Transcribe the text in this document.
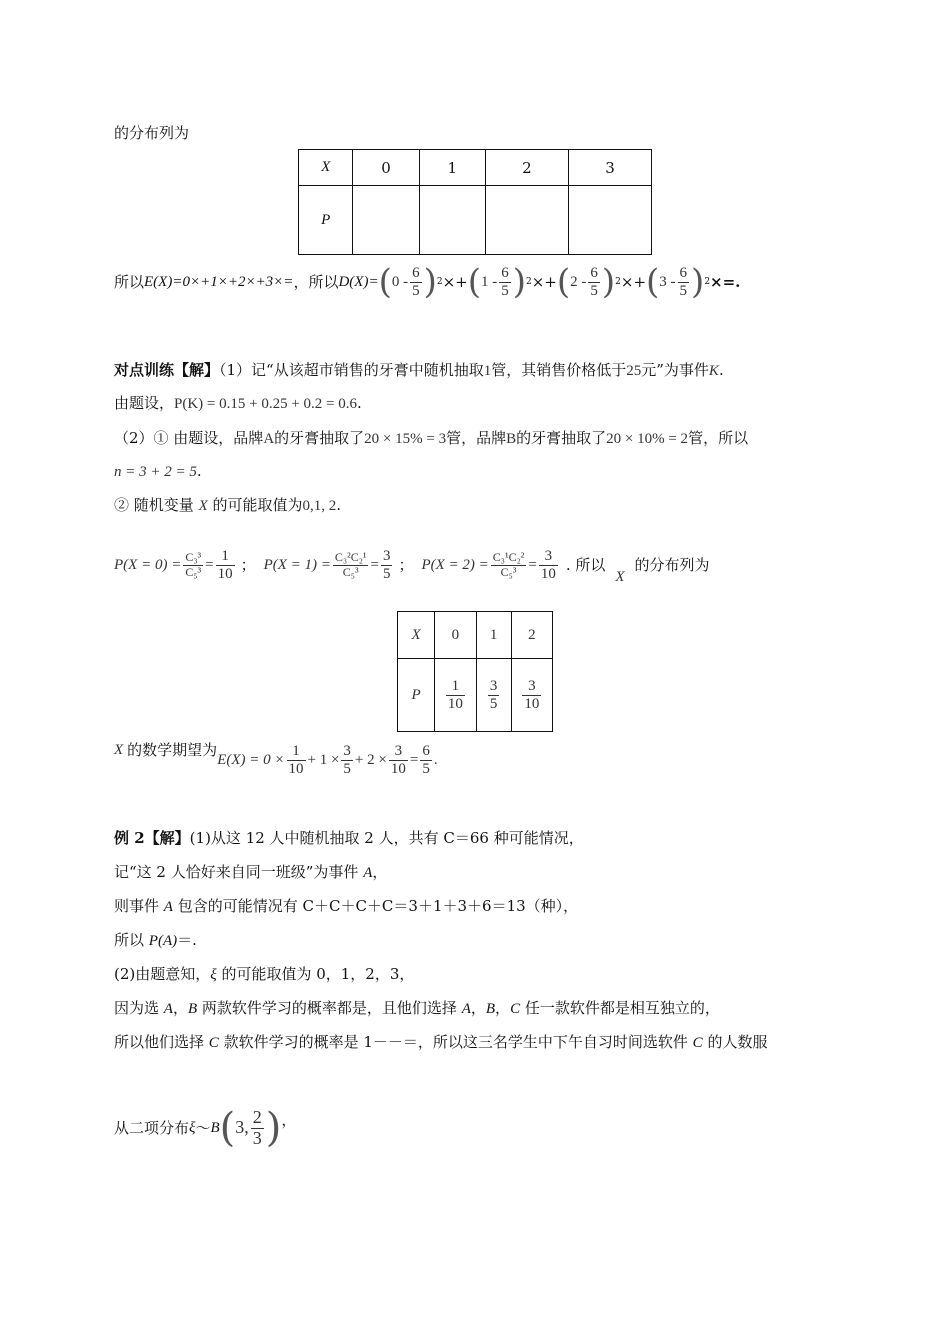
的分布列为
X	0	1	2	3
P				
所以 E(X)=0×+1×+2×+3×= ，所以 D(X)= ( $0 - \frac{6}{5}$ ) 2 ×+ ( $1 - \frac{6}{5}$ ) 2 ×+ ( $2 - \frac{6}{5}$ ) 2 ×+ ( $3 - \frac{6}{5}$ ) 2 ×=.
对点训练【解】（1）记“从该超市销售的牙膏中随机抽取1管，其销售价格低于25元”为事件K.
由题设，P(K) = 0.15 + 0.25 + 0.2 = 0.6.
（2）① 由题设，品牌A的牙膏抽取了20 × 15% = 3管，品牌B的牙膏抽取了20 × 10% = 2管，所以
n = 3 + 2 = 5.
② 随机变量 X 的可能取值为0,1, 2.
$P(X = 0) = \frac{\text{C₃³}}{\text{C₅³}} = \frac{1}{10}$ ； $P(X = 1) = \frac{\text{C₃²C₂¹}}{\text{C₅³}} = \frac{3}{5}$ ； $P(X = 2) = \frac{\text{C₃¹C₂²}}{\text{C₅³}} = \frac{3}{10}$ . 所以
X
的分布列为
X	0	1	2
P	$\frac{1}{10}$	$\frac{3}{5}$	$\frac{3}{10}$
X 的数学期望为
$E(X) = 0 \times \frac{1}{10} + 1 \times \frac{3}{5} + 2 \times \frac{3}{10} = \frac{6}{5}$ .
例 2【解】(1)从这 12 人中随机抽取 2 人，共有 C＝66 种可能情况，
记“这 2 人恰好来自同一班级”为事件 A，
则事件 A 包含的可能情况有 C＋C＋C＋C＝3＋1＋3＋6＝13（种），
所以 P(A)＝.
(2)由题意知，ξ 的可能取值为 0，1，2，3，
因为选 A，B 两款软件学习的概率都是，且他们选择 A，B，C 任一款软件都是相互独立的，
所以他们选择 C 款软件学习的概率是 1－－＝，所以这三名学生中下午自习时间选软件 C 的人数服
从二项分布 ξ ～ B ( 3, $\frac{2}{3}$ ) ，
